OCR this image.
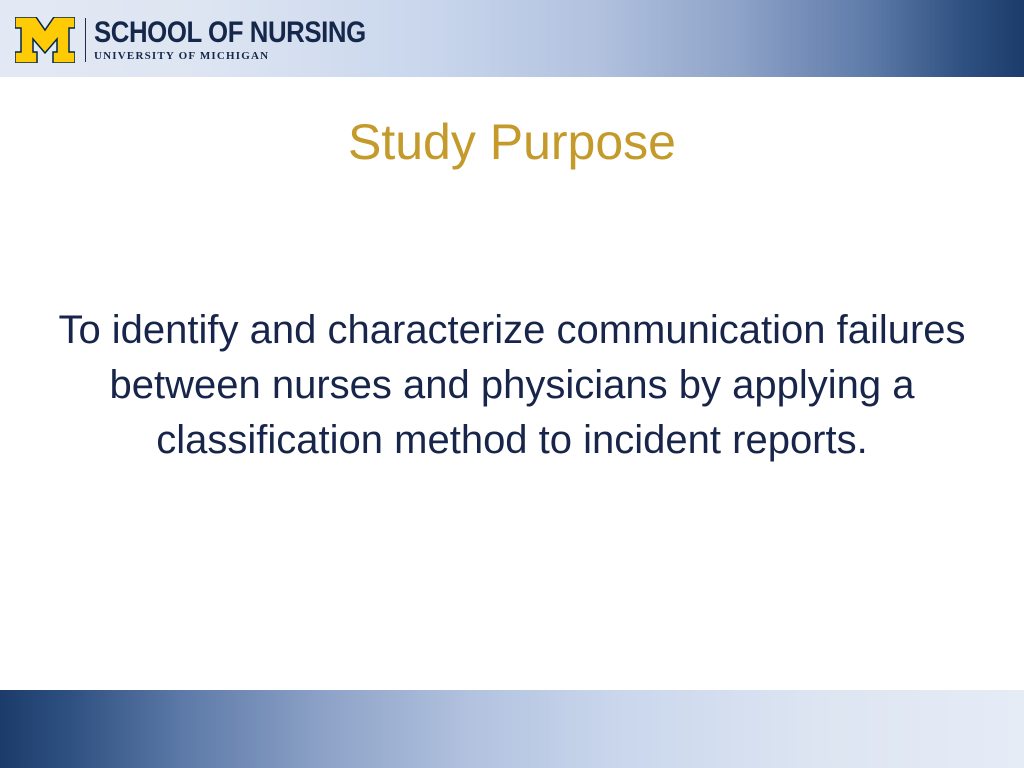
SCHOOL OF NURSING
UNIVERSITY OF MICHIGAN
Study Purpose

To identify and characterize communication failures between nurses and physicians by applying a classification method to incident reports.
